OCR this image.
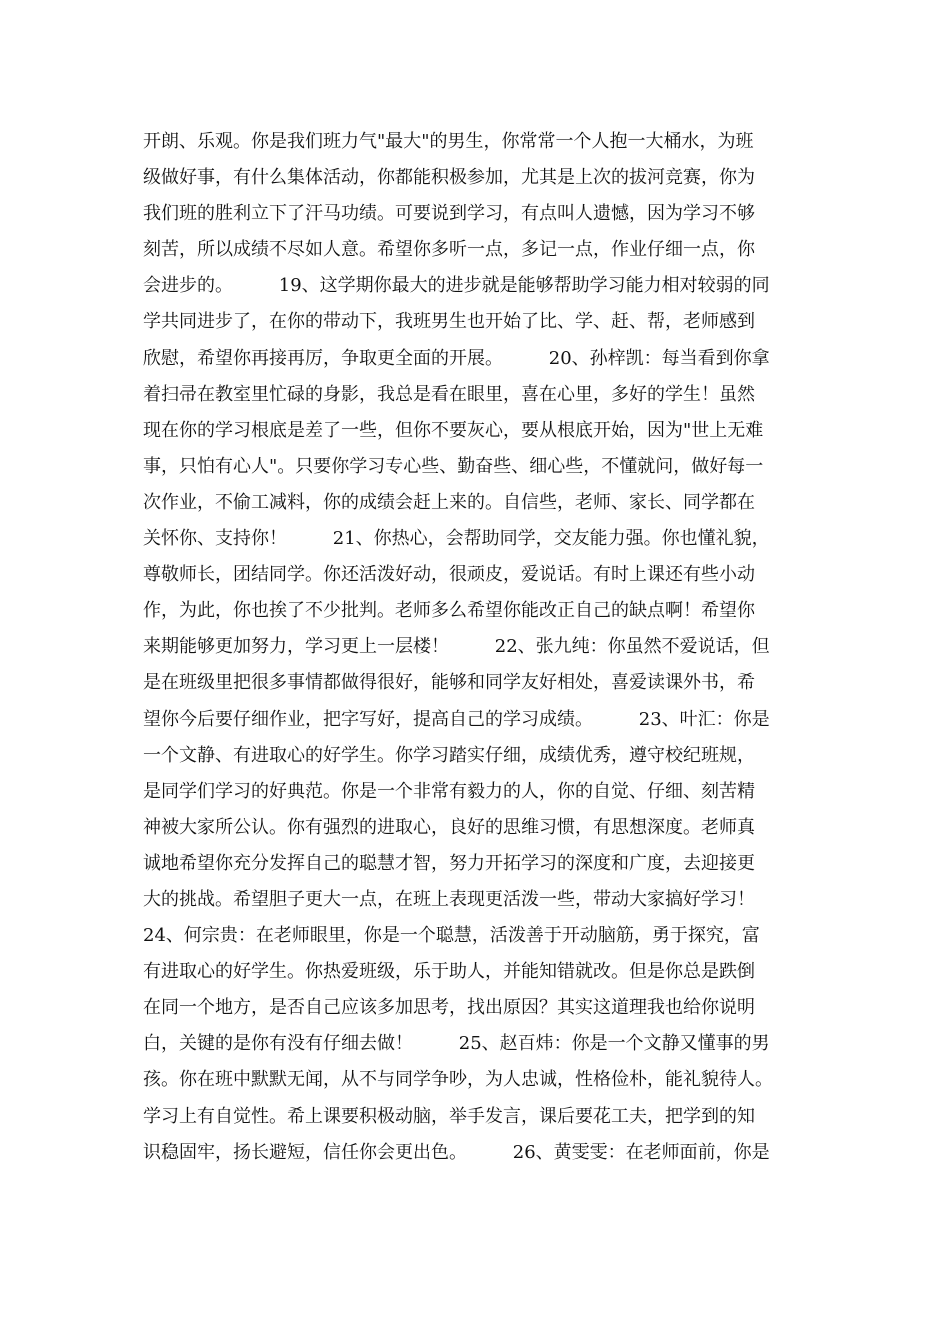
开朗、乐观。你是我们班力气"最大"的男生，你常常一个人抱一大桶水，为班
级做好事，有什么集体活动，你都能积极参加，尤其是上次的拔河竞赛，你为
我们班的胜利立下了汗马功绩。可要说到学习，有点叫人遗憾，因为学习不够
刻苦，所以成绩不尽如人意。希望你多听一点，多记一点，作业仔细一点，你
会进步的。        19、这学期你最大的进步就是能够帮助学习能力相对较弱的同
学共同进步了，在你的带动下，我班男生也开始了比、学、赶、帮，老师感到
欣慰，希望你再接再厉，争取更全面的开展。        20、孙梓凯：每当看到你拿
着扫帚在教室里忙碌的身影，我总是看在眼里，喜在心里，多好的学生！虽然
现在你的学习根底是差了一些，但你不要灰心，要从根底开始，因为"世上无难
事，只怕有心人"。只要你学习专心些、勤奋些、细心些，不懂就问，做好每一
次作业，不偷工减料，你的成绩会赶上来的。自信些，老师、家长、同学都在
关怀你、支持你！        21、你热心，会帮助同学，交友能力强。你也懂礼貌，
尊敬师长，团结同学。你还活泼好动，很顽皮，爱说话。有时上课还有些小动
作，为此，你也挨了不少批判。老师多么希望你能改正自己的缺点啊！希望你
来期能够更加努力，学习更上一层楼！        22、张九纯：你虽然不爱说话，但
是在班级里把很多事情都做得很好，能够和同学友好相处，喜爱读课外书，希
望你今后要仔细作业，把字写好，提高自己的学习成绩。        23、叶汇：你是
一个文静、有进取心的好学生。你学习踏实仔细，成绩优秀，遵守校纪班规，
是同学们学习的好典范。你是一个非常有毅力的人，你的自觉、仔细、刻苦精
神被大家所公认。你有强烈的进取心，良好的思维习惯，有思想深度。老师真
诚地希望你充分发挥自己的聪慧才智，努力开拓学习的深度和广度，去迎接更
大的挑战。希望胆子更大一点，在班上表现更活泼一些，带动大家搞好学习！
24、何宗贵：在老师眼里，你是一个聪慧，活泼善于开动脑筋，勇于探究，富
有进取心的好学生。你热爱班级，乐于助人，并能知错就改。但是你总是跌倒
在同一个地方，是否自己应该多加思考，找出原因？其实这道理我也给你说明
白，关键的是你有没有仔细去做！        25、赵百炜：你是一个文静又懂事的男
孩。你在班中默默无闻，从不与同学争吵，为人忠诚，性格俭朴，能礼貌待人。
学习上有自觉性。希上课要积极动脑，举手发言，课后要花工夫，把学到的知
识稳固牢，扬长避短，信任你会更出色。        26、黄雯雯：在老师面前，你是
